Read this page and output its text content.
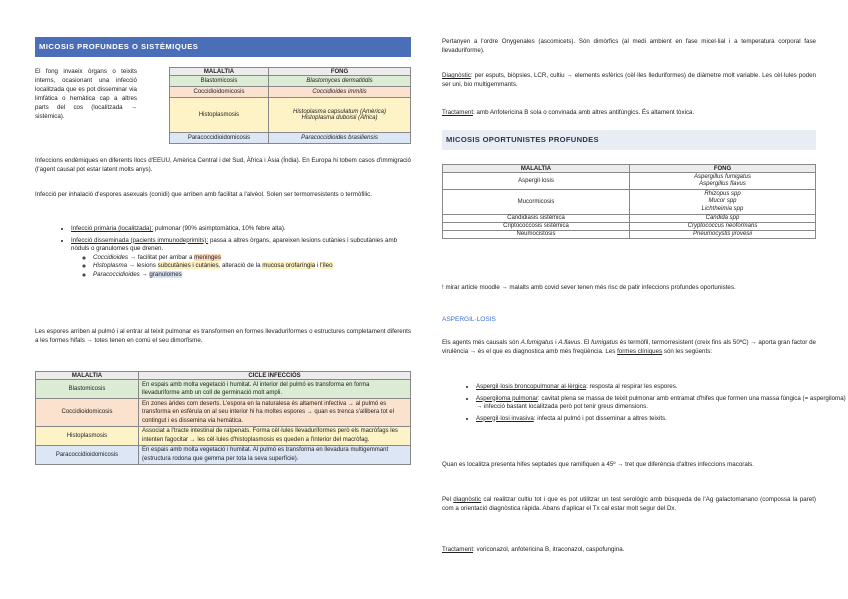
MICOSIS PROFUNDES O SISTÈMIQUES

El fong invaeix òrgans o teixits interns, ocasionant una infecció localitzada que es pot disseminar via limfàtica o hemàtica cap a altres parts del cos (localitzada → sistèmica).

MALALTIA	FONG
Blastomicosis	Blastomyces dermatitidis
Coccidioidomicosis	Coccidioides immitis
Histoplasmosis	Histoplasma capsulatum (Amèrica)
Histoplasma duboisii (Àfrica)

Paracoccidioidomicosis	Paracoccidioides brasiliensis

Infeccions endèmiques en diferents llocs d'EEUU, Amèrica Central i del Sud, Àfrica i Àsia (Índia). En Europa hi tobem casos d'immigració (l'agent causal pot estar latent molts anys).

Infecció per inhalació d'espores asexuals (conidi) que arriben amb facilitat a l'alvèol. Solen ser termorresistents o termòfilic.

• Infecció primària (localitzada): pulmonar (90% asimptomàtica, 10% febre alta).
• Infecció disseminada (pacients immunodeprimits): passa a altres òrgans, apareixen lesions cutànies i subcutànies amb nòduls o granulomes que drenen.
◦ Coccidioides → facilitat per arribar a meninges
◦ Histoplasma → lesions subcutànies i cutànies, alteració de la mucosa orofaríngia i l'íleo
◦ Paracoccidioides → granulomes

Les espores arriben al pulmó i al entrar al teixit pulmonar es transformen en formes llevaduriformes o estructures completament diferents a les formes hifals → totes tenen en comú el seu dimorfisme.

MALALTIA	CICLE INFECCIÓS
Blastomicosis	En espais amb molta vegetació i humitat. Al interior del pulmó es transforma en forma llevaduriforme amb un coll de germinació molt ampli.
Coccidioidomicosis	En zones àrides com deserts. L'espora en la naturalesa és altament infectiva → al pulmó es transforma en esfèrula on al seu interior hi ha moltes espores → quan es trenca s'allibera tot el contingut i es disseminа via hemàtica.
Histoplasmosis	Associat a l'tracte intestinal de ratpenats. Forma cèl·lules llevaduriformes però els macròfags les intenten fagocitar → les cèl·lules d'histoplasmosis es queden a l'interior del macròfag.
Paracoccidioidomicosis	En espais amb molta vegetació i humitat. Al pulmó es transforma en llevadura multigemmant (estructura rodona que gemma per tota la seva superfície).

Pertanyen a l'ordre Onygenales (ascomicets). Són dimòrfics (al medi ambient en fase micel·lial i a temperatura corporal fase llevaduriforme).

Diagnòstic: per esputs, biòpsies, LCR, cultiu → elements esfèrics (cèl·lles lleduriformes) de diàmetre molt variable. Les cèl·lules poden ser uni, bio multigemmants.

Tractament: amb Anfotericina B sola o convinada amb altres antifúngics. És altament tòxica.

MICOSIS OPORTUNISTES PROFUNDES
MALALTIA	FONG
Aspergil·losis	Aspergillus fumigatus
Aspergillus flavus

Mucormicosis	Rhizopus spp
Mucor spp
Lichtheimia spp

Candidiasis sistèmica	Candida spp
Criptococcosis sistèmica	Cryptococcus neoformans
Neumocistosis	Pneumocystis jirovesii

! mirar article moodle → malalts amb covid sever tenen més risc de patir infeccions profundes oportunistes.

ASPERGIL·LOSIS

Els agents més causals són A.fumigatus i A.flavus. El fumigatus és termòfil, termorresistent (creix fins als 50ºC) → aporta gran factor de virulència → és el que es diagnostica amb més freqüència. Les formes clíniques són les següents:

• Aspergil·losis broncopulmonar al·lèrgica: resposta al respirar les espores.
• Aspergiloma pulmonar: cavitat plena se massa de teixit pulmonar amb entramat d'hifes que formen una massa fúngica (= aspergiloma) → infecció bastant localitzada però pot tenir greus dimensions.
• Aspergil·losi invasiva: infecta al pulmó i pot disseminar a altres teixits.

Quan es localitza presenta hifes septades que ramifiquen a 45º → tret que diferència d'altres infeccions macorals.

Pel diagnòstic cal realitzar cultiu tot i que es pot utilitzar un test serològic amb búsqueda de l'Ag galactomanano (compossa la paret) com a orientació diagnòstica ràpida. Abans d'aplicar el Tx cal estar molt segur del Dx.

Tractament: voriconazol, anfotericina B, itraconazol, caspofungina.
